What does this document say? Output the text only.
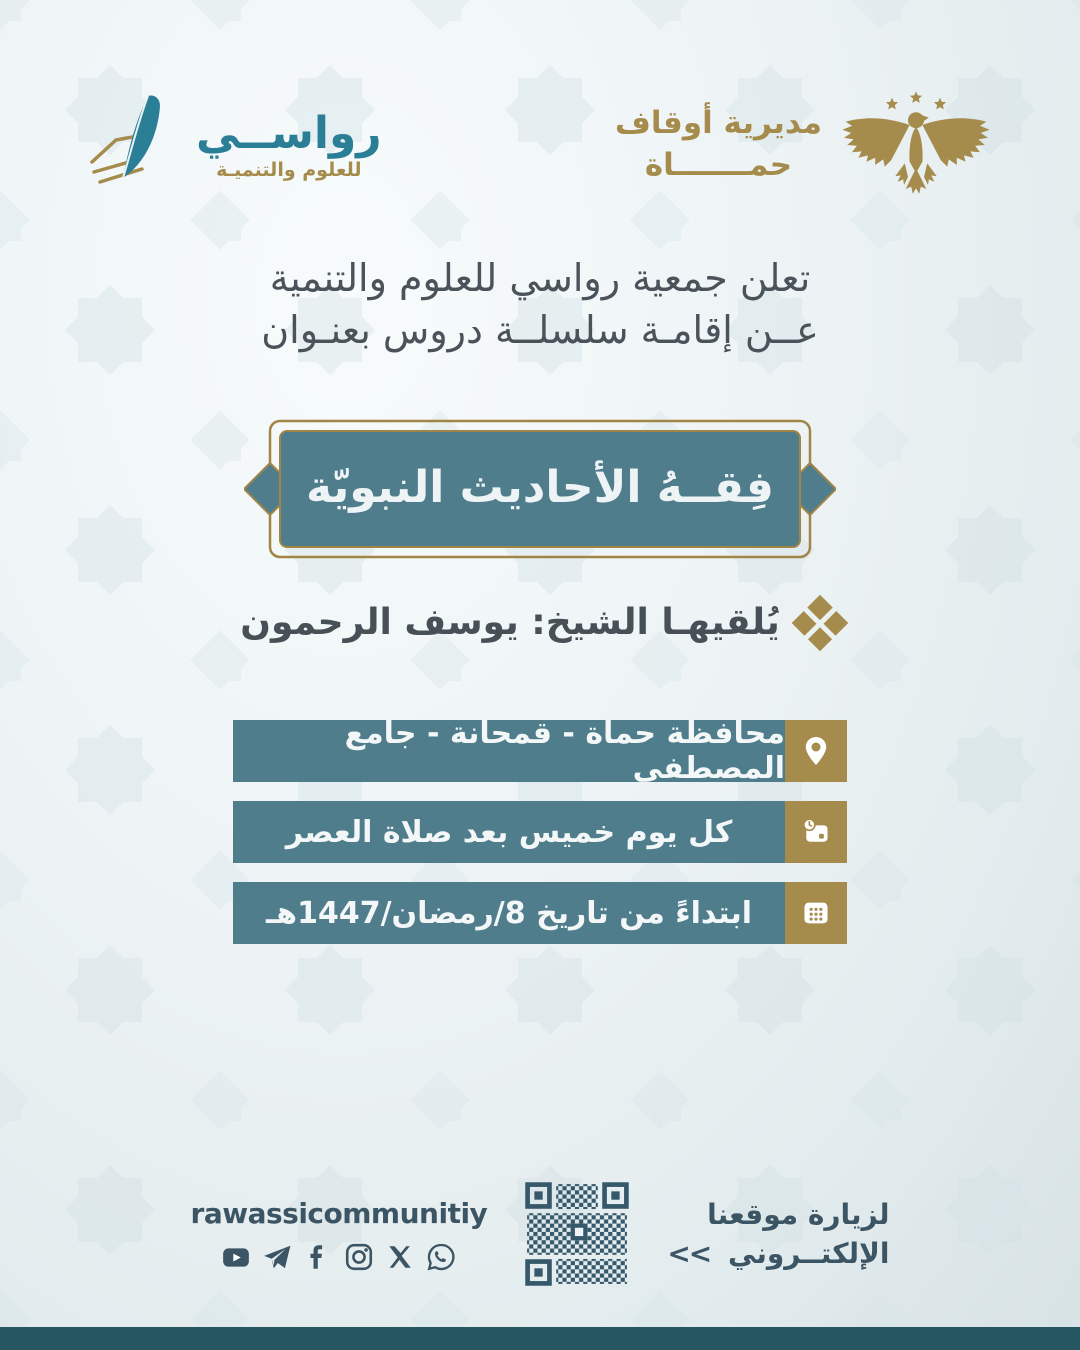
رواســي
للعلوم والتنميـة
مديرية أوقاف
حمـــــــاة
تعلن جمعية رواسي للعلوم والتنمية
عــن إقامـة سلسلــة دروس بعنـوان
فِقــهُ الأحاديث النبويّة
يُلقيهـا الشيخ: يوسف الرحمون
محافظة حماة - قمحانة - جامع المصطفى
كل يوم خميس بعد صلاة العصر
ابتداءً من تاريخ 8/رمضان/1447هـ
rawassicommunitiy	لزيارة موقعنا
الإلكتــروني <<
